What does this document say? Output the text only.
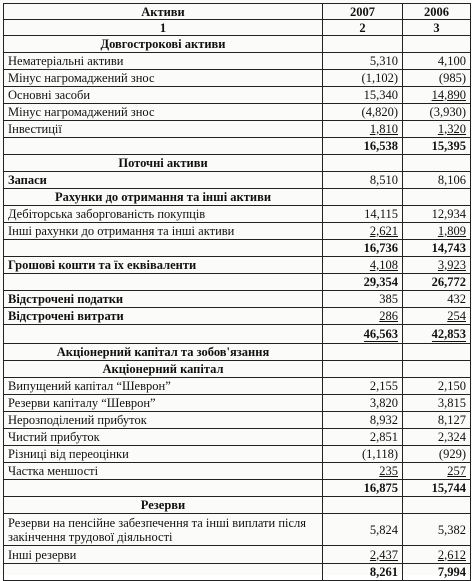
Активи	2007	2006
1	2	3
Довгострокові активи		
Нематеріальні активи	5,310	4,100
Мінус нагромаджений знос	(1,102)	(985)
Основні засоби	15,340	14,890
Мінус нагромаджений знос	(4,820)	(3,930)
Інвестиції	1,810	1,320
	16,538	15,395
Поточні активи		
Запаси	8,510	8,106
Рахунки до отримання та інші активи		
Дебіторська заборгованість покупців	14,115	12,934
Інші рахунки до отримання та інші активи	2,621	1,809
	16,736	14,743
Грошові кошти та їх еквіваленти	4,108	3,923
	29,354	26,772
Відстрочені податки	385	432
Відстрочені витрати	286	254
	46,563	42,853
Акціонерний капітал та зобов'язання		
Акціонерний капітал		
Випущений капітал “Шеврон”	2,155	2,150
Резерви капіталу “Шеврон”	3,820	3,815
Нерозподілений прибуток	8,932	8,127
Чистий прибуток	2,851	2,324
Різниці від переоцінки	(1,118)	(929)
Частка меншості	235	257
	16,875	15,744
Резерви		
Резерви на пенсійне забезпечення та інші виплати після закінчення трудової діяльності	5,824	5,382
Інші резерви	2,437	2,612
	8,261	7,994
